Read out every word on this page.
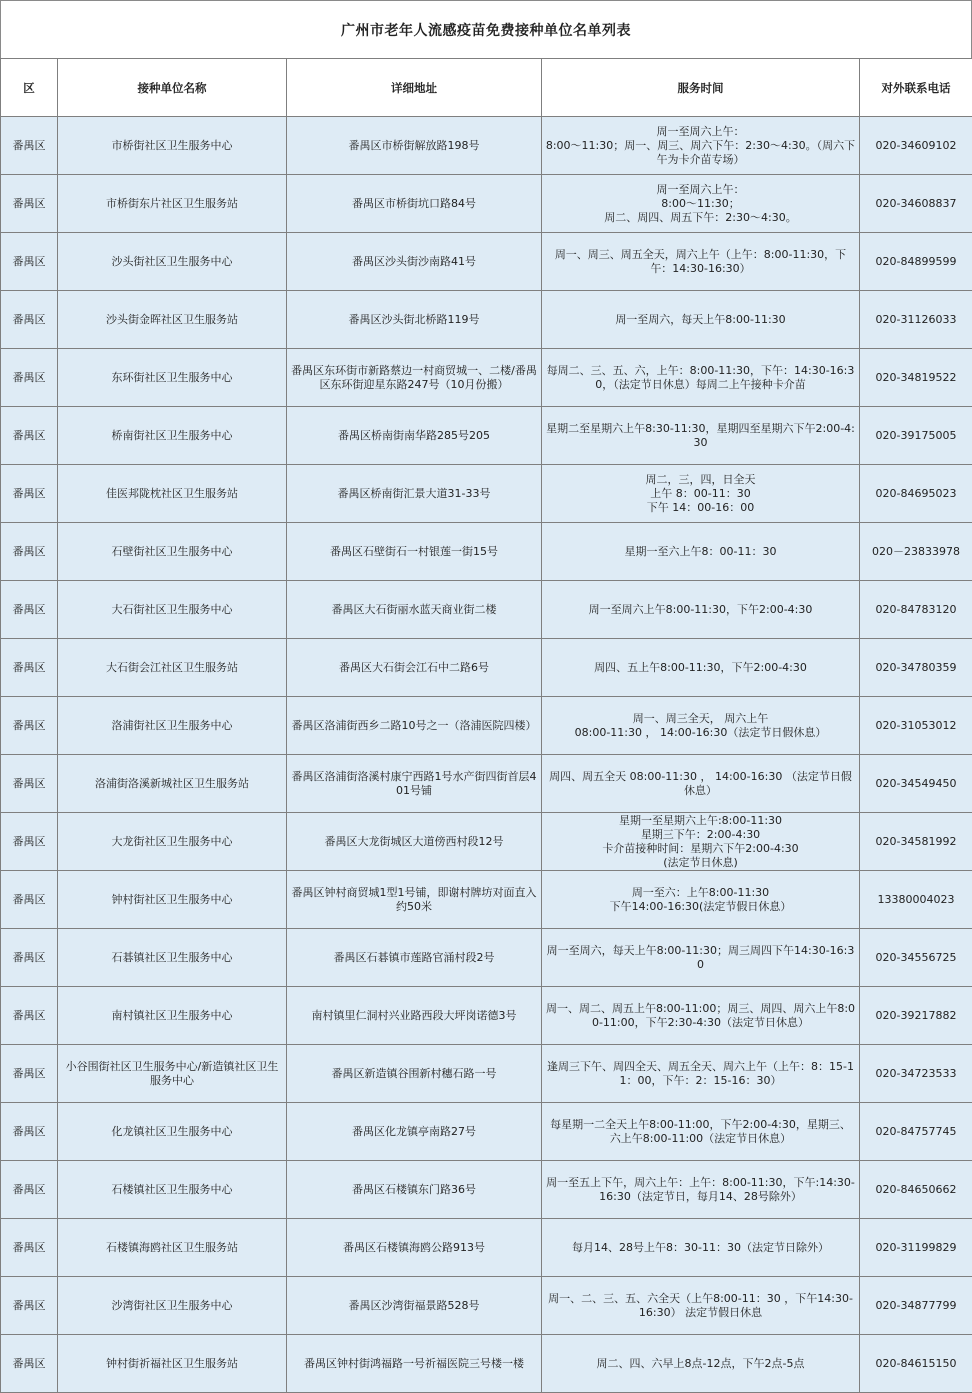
广州市老年人流感疫苗免费接种单位名单列表
区	接种单位名称	详细地址	服务时间	对外联系电话
番禺区	市桥街社区卫生服务中心	番禺区市桥街解放路198号	周一至周六上午：
8:00～11:30；周一、周三、周六下午：2:30～4:30。（周六下午为卡介苗专场）	020-34609102
番禺区	市桥街东片社区卫生服务站	番禺区市桥街坑口路84号	周一至周六上午：
8:00～11:30；
周二、周四、周五下午：2:30～4:30。	020-34608837
番禺区	沙头街社区卫生服务中心	番禺区沙头街沙南路41号	周一、周三、周五全天，周六上午（上午：8:00-11:30，下午：14:30-16:30）	020-84899599
番禺区	沙头街金晖社区卫生服务站	番禺区沙头街北桥路119号	周一至周六，每天上午8:00-11:30	020-31126033
番禺区	东环街社区卫生服务中心	番禺区东环街市新路蔡边一村商贸城一、二楼/番禺区东环街迎星东路247号（10月份搬）	每周二、三、五、六，上午：8:00-11:30，下午：14:30-16:30，（法定节日休息）每周二上午接种卡介苗	020-34819522
番禺区	桥南街社区卫生服务中心	番禺区桥南街南华路285号205	星期二至星期六上午8:30-11:30，星期四至星期六下午2:00-4:30	020-39175005
番禺区	佳医邦陇枕社区卫生服务站	番禺区桥南街汇景大道31-33号	周二，三，四，日全天
上午 8：00-11：30
下午 14：00-16：00	020-84695023
番禺区	石壁街社区卫生服务中心	番禺区石壁街石一村银莲一街15号	星期一至六上午8：00-11：30	020－23833978
番禺区	大石街社区卫生服务中心	番禺区大石街丽水蓝天商业街二楼	周一至周六上午8:00-11:30，下午2:00-4:30	020-84783120
番禺区	大石街会江社区卫生服务站	番禺区大石街会江石中二路6号	周四、五上午8:00-11:30，下午2:00-4:30	020-34780359
番禺区	洛浦街社区卫生服务中心	番禺区洛浦街西乡二路10号之一（洛浦医院四楼）	周一、周三全天， 周六上午
08:00-11:30 ， 14:00-16:30（法定节日假休息）	020-31053012
番禺区	洛浦街洛溪新城社区卫生服务站	番禺区洛浦街洛溪村康宁西路1号水产街四街首层401号铺	周四、周五全天 08:00-11:30 ， 14:00-16:30 （法定节日假休息）	020-34549450
番禺区	大龙街社区卫生服务中心	番禺区大龙街城区大道傍西村段12号	星期一至星期六上午:8:00-11:30
星期三下午：2:00-4:30
卡介苗接种时间：星期六下午2:00-4:30
(法定节日休息)	020-34581992
番禺区	钟村街社区卫生服务中心	番禺区钟村商贸城1型1号铺，即谢村牌坊对面直入约50米	周一至六：上午8:00-11:30
下午14:00-16:30(法定节假日休息）	13380004023
番禺区	石碁镇社区卫生服务中心	番禺区石碁镇市莲路官涌村段2号	周一至周六，每天上午8:00-11:30；周三周四下午14:30-16:30	020-34556725
番禺区	南村镇社区卫生服务中心	南村镇里仁洞村兴业路西段大坪岗诺德3号	周一、周二、周五上午8:00-11:00；周三、周四、周六上午8:00-11:00，下午2:30-4:30（法定节日休息）	020-39217882
番禺区	小谷围街社区卫生服务中心/新造镇社区卫生服务中心	番禺区新造镇谷围新村穗石路一号	逢周三下午、周四全天、周五全天、周六上午（上午：8：15-11：00，下午：2：15-16：30）	020-34723533
番禺区	化龙镇社区卫生服务中心	番禺区化龙镇亭南路27号	每星期一二全天上午8:00-11:00，下午2:00-4:30，星期三、六上午8:00-11:00（法定节日休息）	020-84757745
番禺区	石楼镇社区卫生服务中心	番禺区石楼镇东门路36号	周一至五上下午，周六上午：上午：8:00-11:30，下午:14:30-16:30（法定节日，每月14、28号除外）	020-84650662
番禺区	石楼镇海鸥社区卫生服务站	番禺区石楼镇海鸥公路913号	每月14、28号上午8：30-11：30（法定节日除外）	020-31199829
番禺区	沙湾街社区卫生服务中心	番禺区沙湾街福景路528号	周一、二、三、五、六全天（上午8:00-11：30 ，下午14:30-16:30） 法定节假日休息	020-34877799
番禺区	钟村街祈福社区卫生服务站	番禺区钟村街鸿福路一号祈福医院三号楼一楼	周二、四、六早上8点-12点，下午2点-5点	020-84615150
